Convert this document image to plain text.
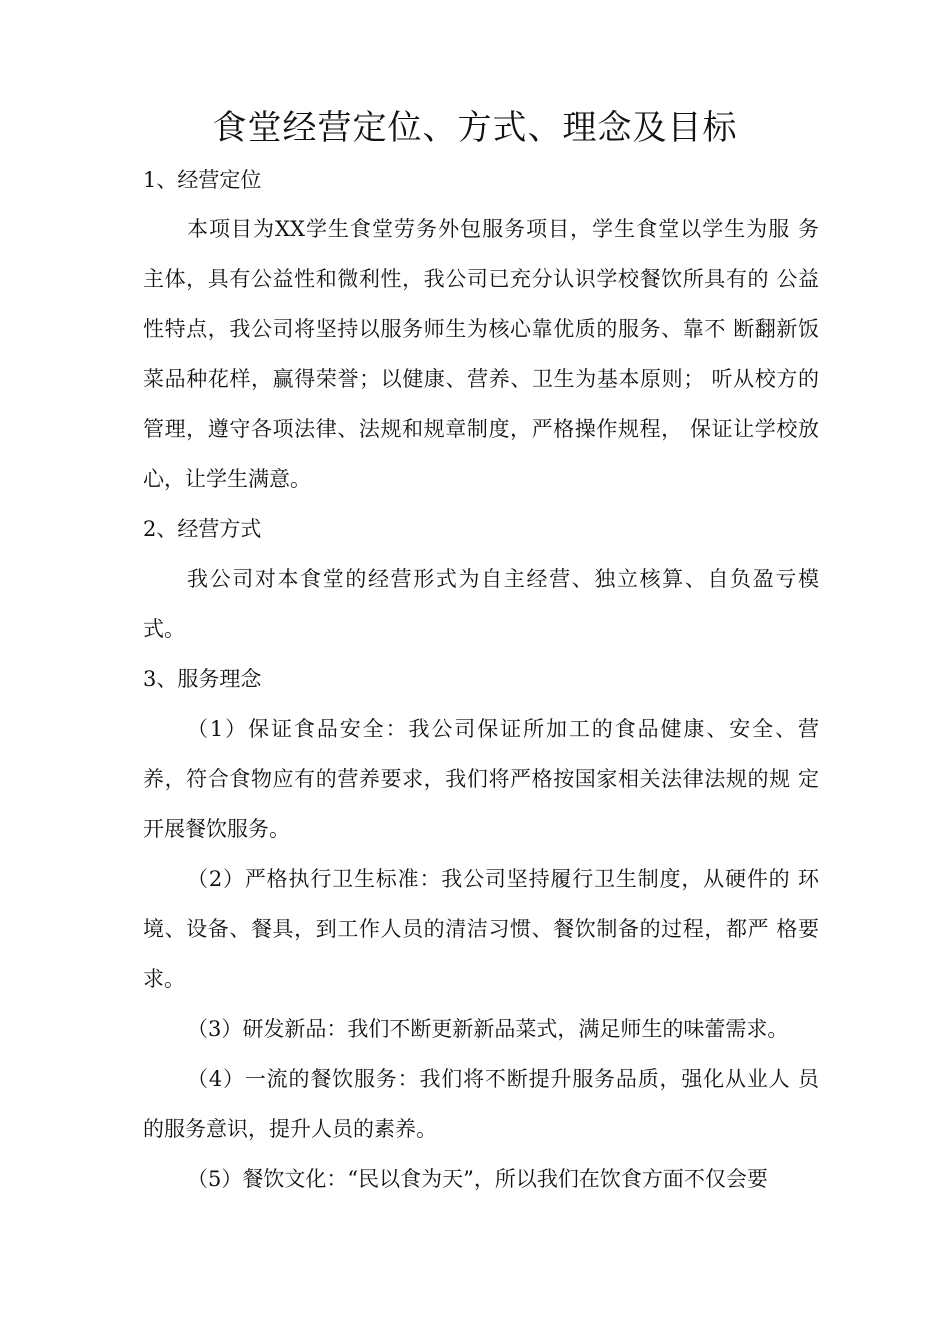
食堂经营定位、方式、理念及目标
1、经营定位
本项目为XX学生食堂劳务外包服务项目，学生食堂以学生为服 务
主体，具有公益性和微利性，我公司已充分认识学校餐饮所具有的 公益
性特点，我公司将坚持以服务师生为核心靠优质的服务、靠不 断翻新饭
菜品种花样，赢得荣誉；以健康、营养、卫生为基本原则； 听从校方的
管理，遵守各项法律、法规和规章制度，严格操作规程， 保证让学校放
心，让学生满意。
2、经营方式
我公司对本食堂的经营形式为自主经营、独立核算、自负盈亏模
式。
3、服务理念
（1）保证食品安全：我公司保证所加工的食品健康、安全、营
养，符合食物应有的营养要求，我们将严格按国家相关法律法规的规 定
开展餐饮服务。
（2）严格执行卫生标准：我公司坚持履行卫生制度，从硬件的 环
境、设备、餐具，到工作人员的清洁习惯、餐饮制备的过程，都严 格要
求。
（3）研发新品：我们不断更新新品菜式，满足师生的味蕾需求。
（4）一流的餐饮服务：我们将不断提升服务品质，强化从业人 员
的服务意识，提升人员的素养。
（5）餐饮文化：“民以食为天”，所以我们在饮食方面不仅会要
